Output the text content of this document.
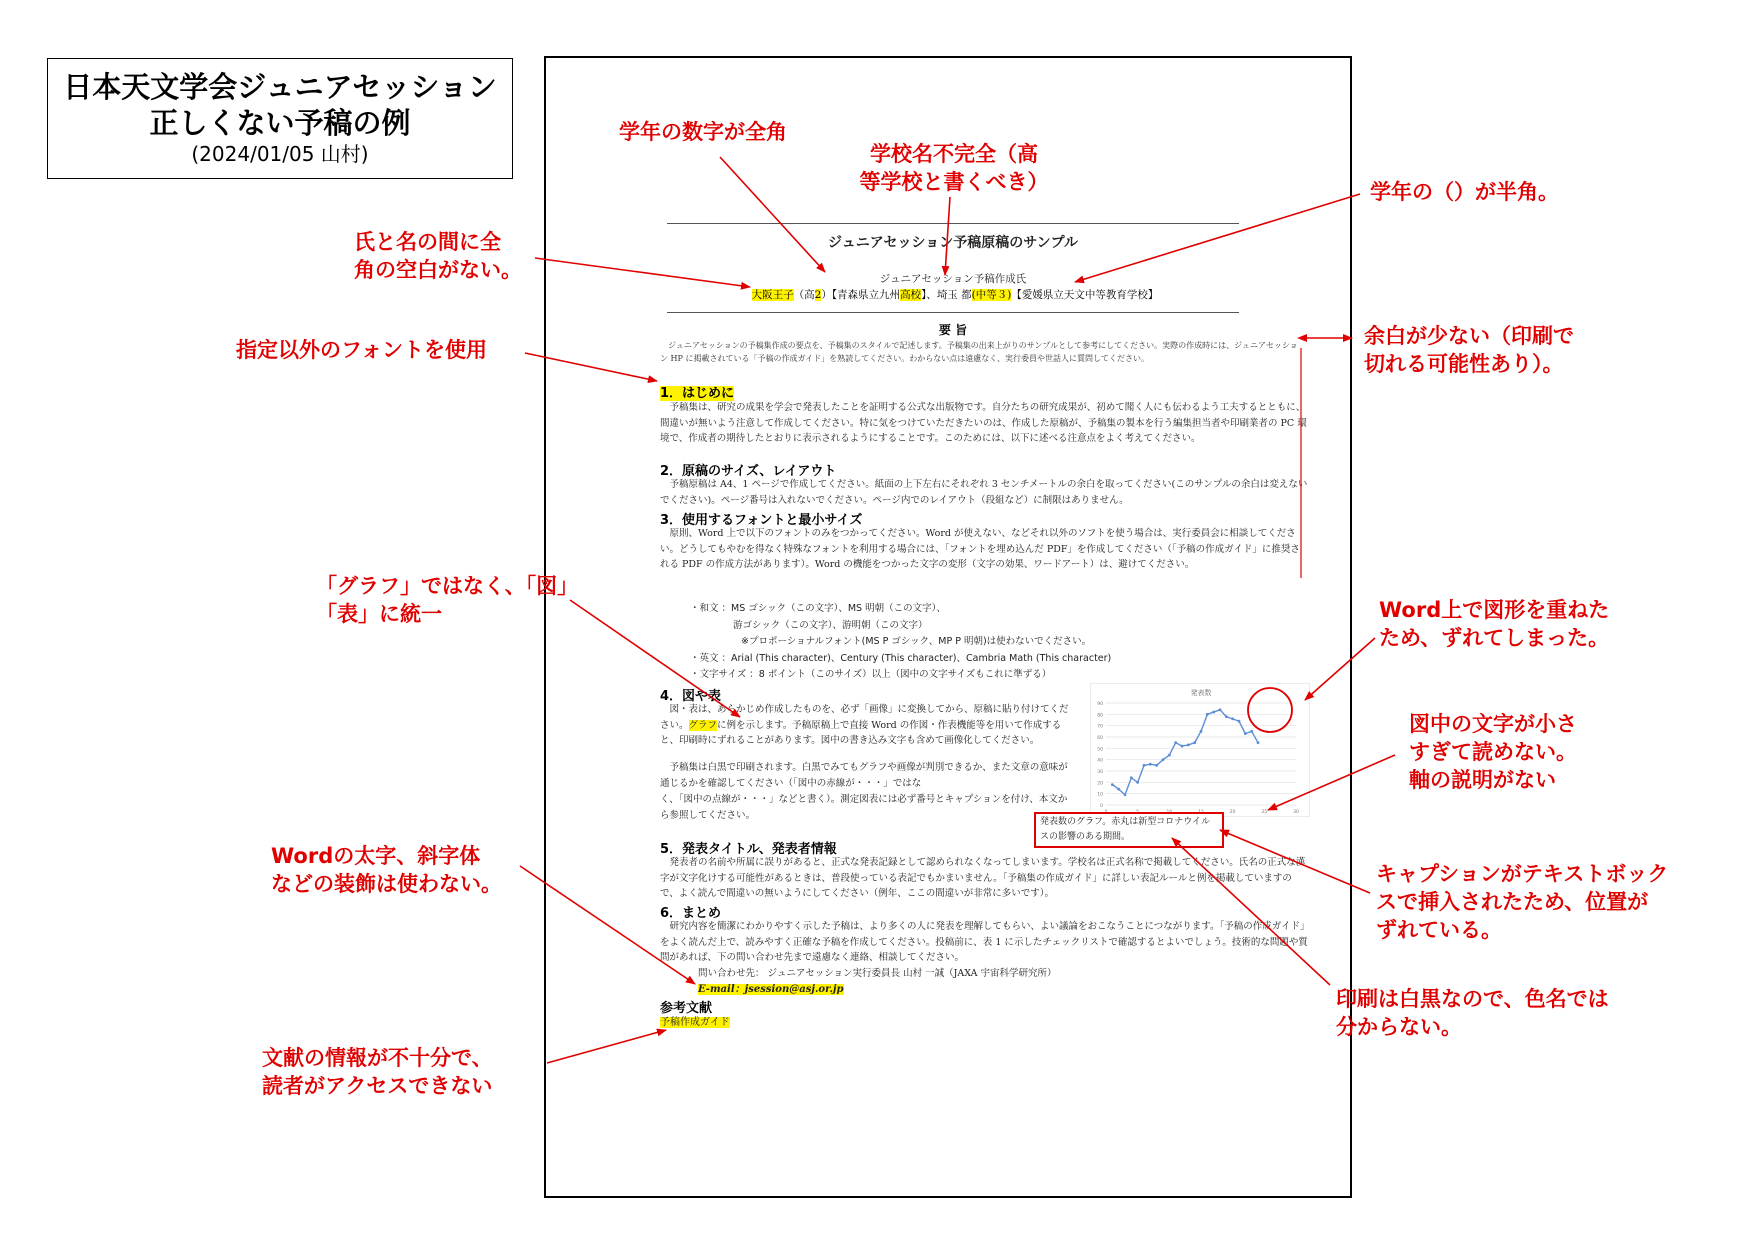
日本天文学会ジュニアセッション
正しくない予稿の例
(2024/01/05 山村)
ジュニアセッション予稿原稿のサンプル
ジュニアセッション予稿作成氏
大阪王子（高2）【青森県立九州高校】、埼玉 都(中等３)【愛媛県立天文中等教育学校】
要 旨
ジュニアセッションの予稿集作成の要点を、予稿集のスタイルで記述します。予稿集の出来上がりのサンプルとして参考にしてください。実際の作成時には、ジュニアセッション HP に掲載されている「予稿の作成ガイド」を熟読してください。わからない点は遠慮なく、実行委員や世話人に質問してください。
1．はじめに
予稿集は、研究の成果を学会で発表したことを証明する公式な出版物です。自分たちの研究成果が、初めて聞く人にも伝わるよう工夫するとともに、間違いが無いよう注意して作成してください。特に気をつけていただきたいのは、作成した原稿が、予稿集の製本を行う編集担当者や印刷業者の PC 環境で、作成者の期待したとおりに表示されるようにすることです。このためには、以下に述べる注意点をよく考えてください。
2．原稿のサイズ、レイアウト
予稿原稿は A4、1 ページで作成してください。紙面の上下左右にそれぞれ 3 センチメートルの余白を取ってください(このサンプルの余白は変えないでください)。ページ番号は入れないでください。ページ内でのレイアウト（段組など）に制限はありません。
3．使用するフォントと最小サイズ
原則、Word 上で以下のフォントのみをつかってください。Word が使えない、などそれ以外のソフトを使う場合は、実行委員会に相談してください。どうしてもやむを得なく特殊なフォントを利用する場合には、「フォントを埋め込んだ PDF」を作成してください（「予稿の作成ガイド」に推奨される PDF の作成方法があります）。Word の機能をつかった文字の変形（文字の効果、ワードアート）は、避けてください。
・和文 ：MS ゴシック（この文字）、MS 明朝（この文字）、
游ゴシック（この文字）、游明朝（この文字）
※プロポーショナルフォント(MS P ゴシック、MP P 明朝)は使わないでください。
・英文 ：Arial (This character)、Century (This character)、Cambria Math (This character)
・文字サイズ ：8 ポイント（このサイズ）以上（図中の文字サイズもこれに準ずる）
4．図や表
図・表は、あらかじめ作成したものを、必ず「画像」に変換してから、原稿に貼り付けてください。グラフに例を示します。予稿原稿上で直接 Word の作図・作表機能等を用いて作成すると、印刷時にずれることがあります。図中の書き込み文字も含めて画像化してください。
予稿集は白黒で印刷されます。白黒でみてもグラフや画像が判別できるか、また文章の意味が通じるかを確認してください（「図中の赤線が・・・」ではな
く、「図中の点線が・・・」などと書く）。測定図表には必ず番号とキャプションを付け、本文から参照してください。
発表数
0
10
20
30
40
50
60
70
80
90
20	25	30
発表数のグラフ。赤丸は新型コロナウイルスの影響のある期間。
5．発表タイトル、発表者情報
発表者の名前や所属に誤りがあると、正式な発表記録として認められなくなってしまいます。学校名は正式名称で掲載してください。氏名の正式な漢字が文字化けする可能性があるときは、普段使っている表記でもかまいません。「予稿集の作成ガイド」に詳しい表記ルールと例を掲載していますので、よく読んで間違いの無いようにしてください（例年、ここの間違いが非常に多いです）。
6．まとめ
研究内容を簡潔にわかりやすく示した予稿は、より多くの人に発表を理解してもらい、よい議論をおこなうことにつながります。「予稿の作成ガイド」をよく読んだ上で、読みやすく正確な予稿を作成してください。投稿前に、表 1 に示したチェックリストで確認するとよいでしょう。技術的な問題や質問があれば、下の問い合わせ先まで遠慮なく連絡、相談してください。
問い合わせ先： ジュニアセッション実行委員長 山村 一誠（JAXA 宇宙科学研究所）
E-mail：jsession@asj.or.jp
参考文献
予稿作成ガイド
学年の数字が全角
学校名不完全（高
等学校と書くべき）	学年の（）が半角。
氏と名の間に全
角の空白がない。
指定以外のフォントを使用
余白が少ない（印刷で
切れる可能性あり）。
「グラフ」ではなく、「図」
「表」に統一	Word上で図形を重ねた
ため、ずれてしまった。
図中の文字が小さ
すぎて読めない。
軸の説明がない
Wordの太字、斜字体
などの装飾は使わない。	キャプションがテキストボック
スで挿入されたため、位置が
ずれている。
印刷は白黒なので、色名では
分からない。
文献の情報が不十分で、
読者がアクセスできない
